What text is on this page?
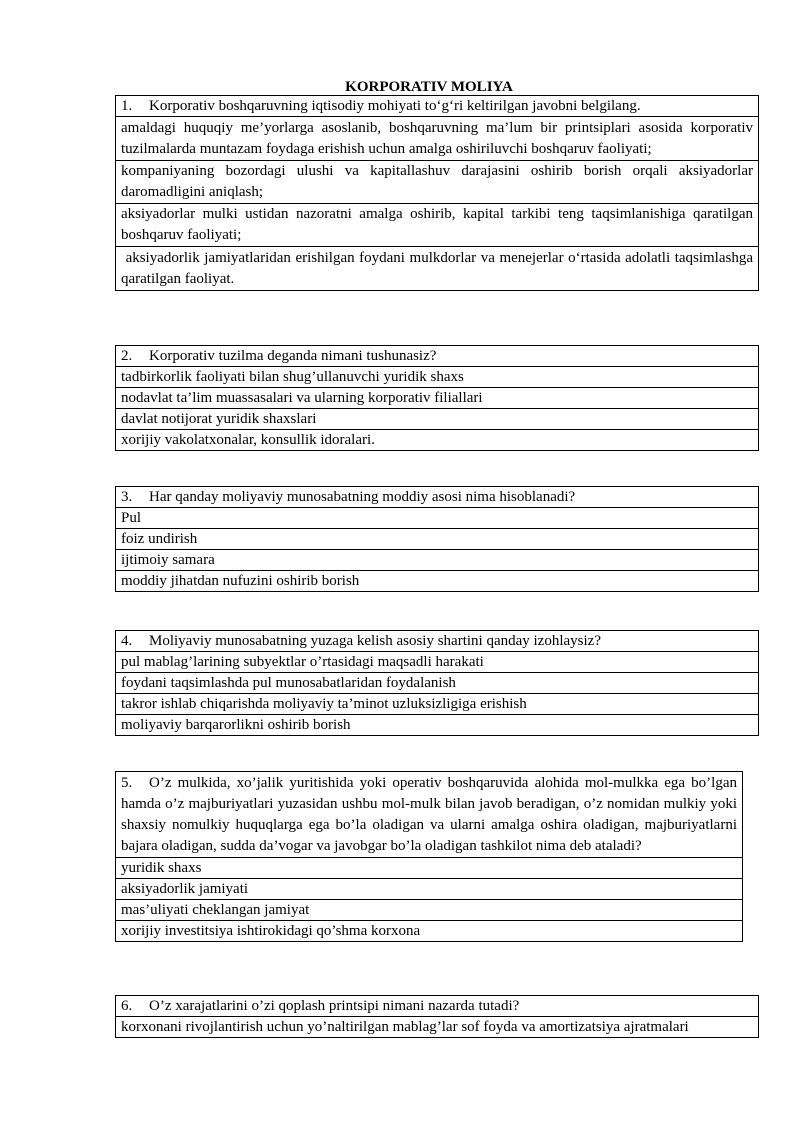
KORPORATIV MOLIYA
1. Korporativ boshqaruvning iqtisodiy mohiyati to‘g‘ri keltirilgan javobni belgilang.
amaldagi huquqiy me’yorlarga asoslanib, boshqaruvning ma’lum bir printsiplari asosida korporativ tuzilmalarda muntazam foydaga erishish uchun amalga oshiriluvchi boshqaruv faoliyati;
kompaniyaning bozordagi ulushi va kapitallashuv darajasini oshirib borish orqali aksiyadorlar daromadligini aniqlash;
aksiyadorlar mulki ustidan nazoratni amalga oshirib, kapital tarkibi teng taqsimlanishiga qaratilgan boshqaruv faoliyati;
aksiyadorlik jamiyatlaridan erishilgan foydani mulkdorlar va menejerlar o‘rtasida adolatli taqsimlashga qaratilgan faoliyat.
2. Korporativ tuzilma deganda nimani tushunasiz?
tadbirkorlik faoliyati bilan shug’ullanuvchi yuridik shaxs
nodavlat ta’lim muassasalari va ularning korporativ filiallari
davlat notijorat yuridik shaxslari
xorijiy vakolatxonalar, konsullik idoralari.
3. Har qanday moliyaviy munosabatning moddiy asosi nima hisoblanadi?
Pul
foiz undirish
ijtimoiy samara
moddiy jihatdan nufuzini oshirib borish
4. Moliyaviy munosabatning yuzaga kelish asosiy shartini qanday izohlaysiz?
pul mablag’larining subyektlar o’rtasidagi maqsadli harakati
foydani taqsimlashda pul munosabatlaridan foydalanish
takror ishlab chiqarishda moliyaviy ta’minot uzluksizligiga erishish
moliyaviy barqarorlikni oshirib borish
5. O’z mulkida, xo’jalik yuritishida yoki operativ boshqaruvida alohida mol-mulkka ega bo’lgan hamda o’z majburiyatlari yuzasidan ushbu mol-mulk bilan javob beradigan, o’z nomidan mulkiy yoki shaxsiy nomulkiy huquqlarga ega bo’la oladigan va ularni amalga oshira oladigan, majburiyatlarni bajara oladigan, sudda da’vogar va javobgar bo’la oladigan tashkilot nima deb ataladi?
yuridik shaxs
aksiyadorlik jamiyati
mas’uliyati cheklangan jamiyat
xorijiy investitsiya ishtirokidagi qo’shma korxona
6. O’z xarajatlarini o’zi qoplash printsipi nimani nazarda tutadi?
korxonani rivojlantirish uchun yo’naltirilgan mablag’lar sof foyda va amortizatsiya ajratmalari
